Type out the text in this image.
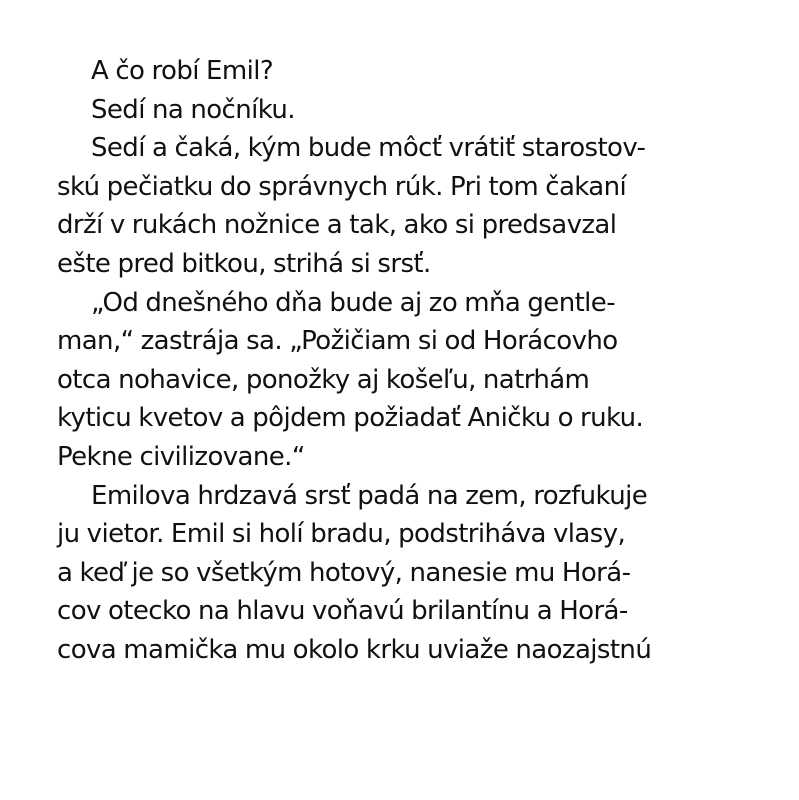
A čo robí Emil?
Sedí na nočníku.
Sedí a čaká, kým bude môcť vrátiť starostov-
skú pečiatku do správnych rúk. Pri tom čakaní
drží v rukách nožnice a tak, ako si predsavzal
ešte pred bitkou, strihá si srsť.
„Od dnešného dňa bude aj zo mňa gentle-
man,“ zastrája sa. „Požičiam si od Horácovho
otca nohavice, ponožky aj košeľu, natrhám
kyticu kvetov a pôjdem požiadať Aničku o ruku.
Pekne civilizovane.“
Emilova hrdzavá srsť padá na zem, rozfukuje
ju vietor. Emil si holí bradu, podstriháva vlasy,
a keď je so všetkým hotový, nanesie mu Horá-
cov otecko na hlavu voňavú brilantínu a Horá-
cova mamička mu okolo krku uviaže naozajstnú
